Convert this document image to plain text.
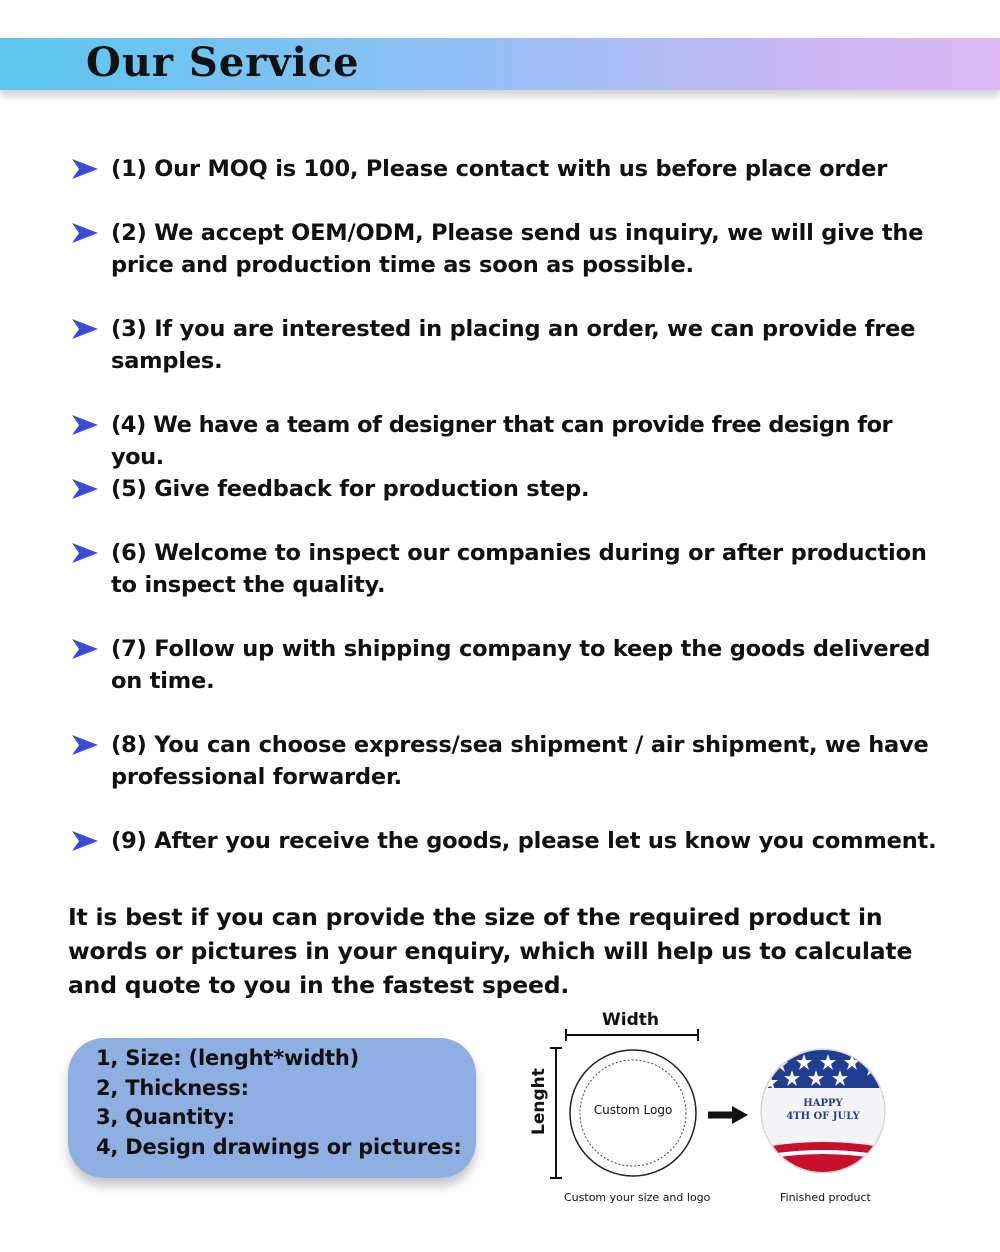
Our Service

(1) Our MOQ is 100, Please contact with us before place order

(2) We accept OEM/ODM, Please send us inquiry, we will give the price and production time as soon as possible.

(3) If you are interested in placing an order, we can provide free samples.

(4) We have a team of designer that can provide free design for you.

(5) Give feedback for production step.

(6) Welcome to inspect our companies during or after production to inspect the quality.

(7) Follow up with shipping company to keep the goods delivered on time.

(8) You can choose express/sea shipment / air shipment, we have professional forwarder.

(9) After you receive the goods, please let us know you comment.

It is best if you can provide the size of the required product in words or pictures in your enquiry, which will help us to calculate and quote to you in the fastest speed.

1, Size: (lenght*width)
2, Thickness:
3, Quantity:
4, Design drawings or pictures:
Width
Lenght	Custom Logo	HAPPY
4TH OF JULY
Custom your size and logo	Finished product
